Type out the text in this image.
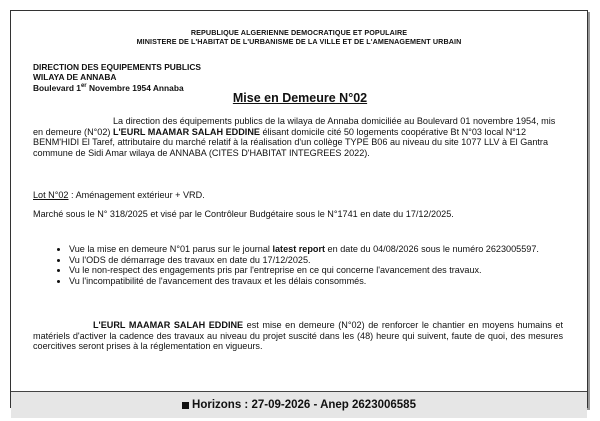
REPUBLIQUE ALGERIENNE DEMOCRATIQUE ET POPULAIRE
MINISTERE DE L'HABITAT DE L'URBANISME DE LA VILLE ET DE L'AMENAGEMENT URBAIN
DIRECTION DES EQUIPEMENTS PUBLICS
WILAYA DE ANNABA
Boulevard 1er Novembre 1954 Annaba
Mise en Demeure N°02
La direction des équipements publics de la wilaya de Annaba domiciliée au Boulevard 01 novembre 1954, mis en demeure (N°02) L'EURL MAAMAR SALAH EDDINE élisant domicile cité 50 logements coopérative Bt N°03 local N°12 BENM'HIDI El Taref, attributaire du marché relatif à la réalisation d'un collège TYPE B06 au niveau du site 1077 LLV à El Gantra commune de Sidi Amar wilaya de ANNABA (CITES D'HABITAT INTEGREES 2022).
Lot N°02 : Aménagement extérieur + VRD.
Marché sous le N° 318/2025 et visé par le Contrôleur Budgétaire sous le N°1741 en date du 17/12/2025.
• Vue la mise en demeure N°01 parus sur le journal latest report en date du 04/08/2026 sous le numéro 2623005597.
• Vu l'ODS de démarrage des travaux en date du 17/12/2025.
• Vu le non-respect des engagements pris par l'entreprise en ce qui concerne l'avancement des travaux.
• Vu l'incompatibilité de l'avancement des travaux et les délais consommés.
L'EURL MAAMAR SALAH EDDINE est mise en demeure (N°02) de renforcer le chantier en moyens humains et matériels d'activer la cadence des travaux au niveau du projet suscité dans les (48) heure qui suivent, faute de quoi, des mesures coercitives seront prises à la réglementation en vigueurs.
Horizons : 27-09-2026 - Anep 2623006585
